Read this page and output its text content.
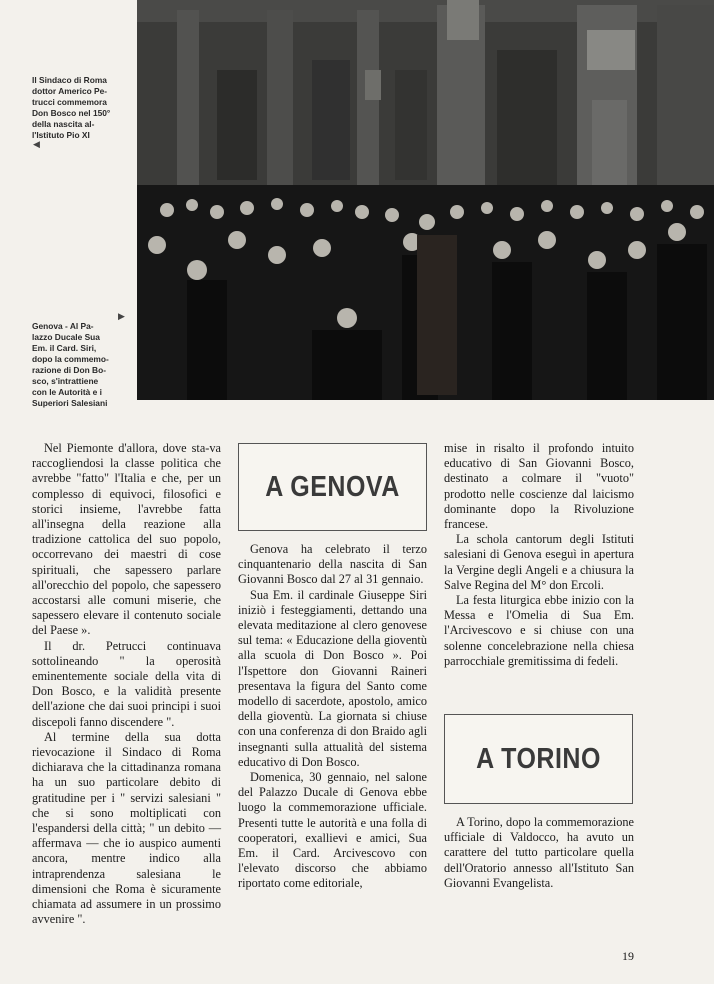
Il Sindaco di Roma
dottor Americo Pe-
trucci commemora
Don Bosco nel 150°
della nascita al-
l'Istituto Pio XI
◀
▶
Genova - Al Pa-
lazzo Ducale Sua
Em. il Card. Siri,
dopo la commemo-
razione di Don Bo-
sco, s'intrattiene
con le Autorità e i
Superiori Salesiani

Nel Piemonte d'allora, dove sta-va raccogliendosi la classe politica che avrebbe "fatto" l'Italia e che, per un complesso di equivoci, filosofici e storici insieme, l'avrebbe fatta all'insegna della reazione alla tradizione cattolica del suo popolo, occorrevano dei maestri di cose spirituali, che sapessero parlare all'orecchio del popolo, che sapessero accostarsi alle comuni miserie, che sapessero elevare il contenuto sociale del Paese ».

Il dr. Petrucci continuava sottolineando " la operosità eminentemente sociale della vita di Don Bosco, e la validità presente dell'azione che dai suoi principi i suoi discepoli fanno discendere ".

Al termine della sua dotta rievocazione il Sindaco di Roma dichiarava che la cittadinanza romana ha un suo particolare debito di gratitudine per i " servizi salesiani " che si sono moltiplicati con l'espandersi della città; " un debito — affermava — che io auspico aumenti ancora, mentre indico alla intraprendenza salesiana le dimensioni che Roma è sicuramente chiamata ad assumere in un prossimo avvenire ".

A GENOVA

Genova ha celebrato il terzo cinquantenario della nascita di San Giovanni Bosco dal 27 al 31 gennaio.

Sua Em. il cardinale Giuseppe Siri iniziò i festeggiamenti, dettando una elevata meditazione al clero genovese sul tema: « Educazione della gioventù alla scuola di Don Bosco ». Poi l'Ispettore don Giovanni Raineri presentava la figura del Santo come modello di sacerdote, apostolo, amico della gioventù. La giornata si chiuse con una conferenza di don Braido agli insegnanti sulla attualità del sistema educativo di Don Bosco.

Domenica, 30 gennaio, nel salone del Palazzo Ducale di Genova ebbe luogo la commemorazione ufficiale. Presenti tutte le autorità e una folla di cooperatori, exallievi e amici, Sua Em. il Card. Arcivescovo con l'elevato discorso che abbiamo riportato come editoriale,

mise in risalto il profondo intuito educativo di San Giovanni Bosco, destinato a colmare il "vuoto" prodotto nelle coscienze dal laicismo dominante dopo la Rivoluzione francese.

La schola cantorum degli Istituti salesiani di Genova eseguì in apertura la Vergine degli Angeli e a chiusura la Salve Regina del M° don Ercoli.

La festa liturgica ebbe inizio con la Messa e l'Omelia di Sua Em. l'Arcivescovo e si chiuse con una solenne concelebrazione nella chiesa parrocchiale gremitissima di fedeli.

A TORINO

A Torino, dopo la commemorazione ufficiale di Valdocco, ha avuto un carattere del tutto particolare quella dell'Oratorio annesso all'Istituto San Giovanni Evangelista.

19
